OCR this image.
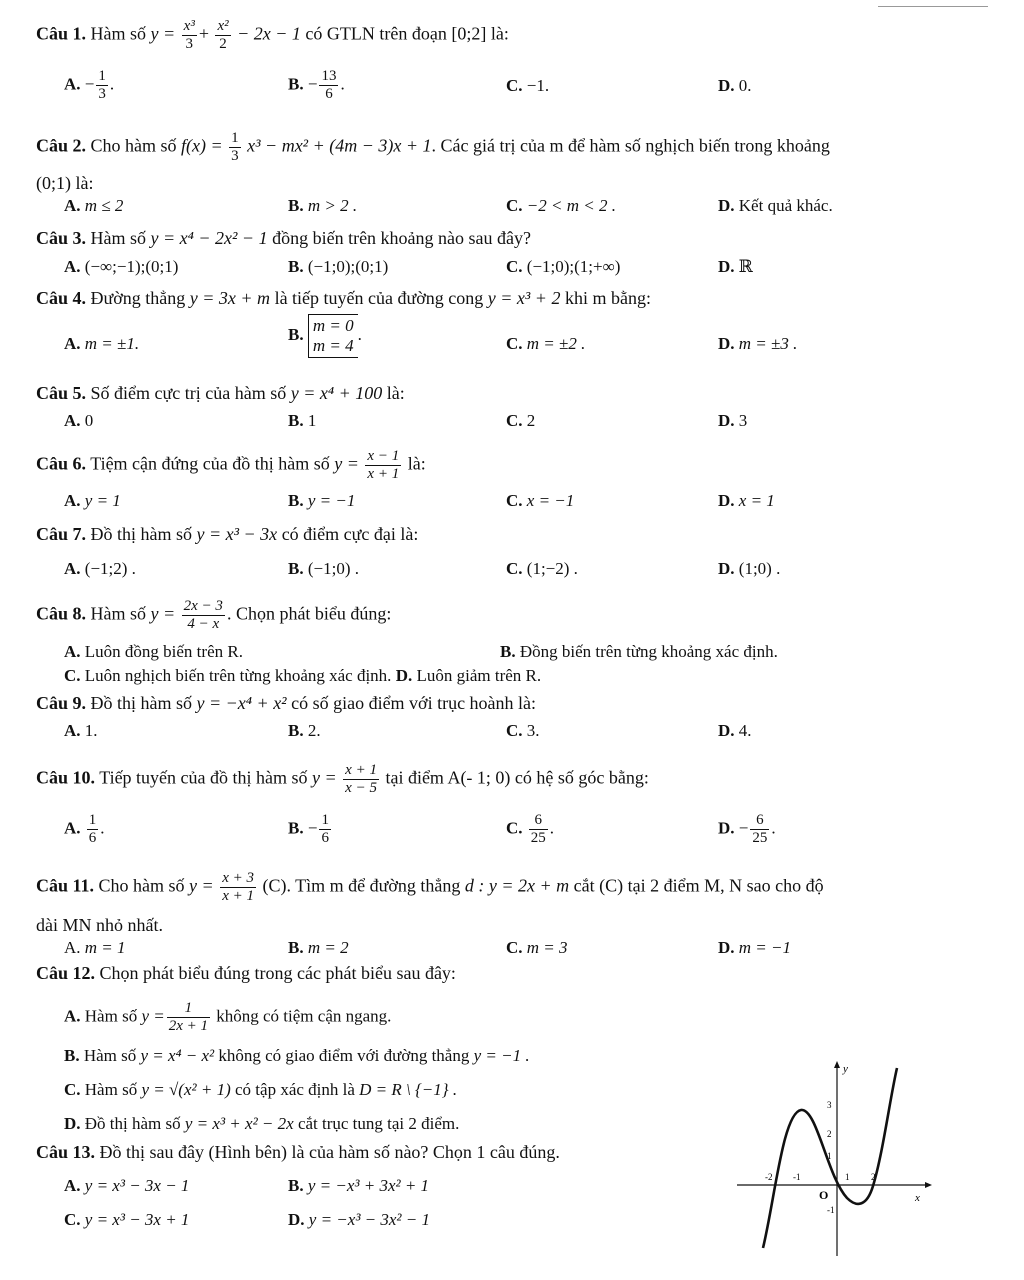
Câu 1. Hàm số $y = \frac{\text{x³}}{3} + \frac{\text{x²}}{2} - 2x - 1$ có GTLN trên đoạn [0;2] là:
A. − $\frac{1}{3}$ .	B. − $\frac{13}{6}$ .	C. −1.	D. 0.
Câu 2. Cho hàm số $f(x) = \frac{1}{3} x^3 - mx^2 + (4m - 3)x + 1$. Các giá trị của m để hàm số nghịch biến trong khoảng
(0;1) là:
A. m ≤ 2	B. m > 2 .	C. −2 < m < 2 .	D. Kết quả khác.
Câu 3. Hàm số y = x⁴ − 2x² − 1 đồng biến trên khoảng nào sau đây?
A. (−∞;−1);(0;1)	B. (−1;0);(0;1)	C. (−1;0);(1;+∞)	D. ℝ
Câu 4. Đường thẳng y = 3x + m là tiếp tuyến của đường cong y = x³ + 2 khi m bằng:
A. m = ±1.	B. m = 0
m = 4.	C. m = ±2 .	D. m = ±3 .
Câu 5. Số điểm cực trị của hàm số y = x⁴ + 100 là:
A. 0	B. 1	C. 2	D. 3
Câu 6. Tiệm cận đứng của đồ thị hàm số $y = \frac{x - 1}{x + 1}$ là:
A. y = 1	B. y = −1	C. x = −1	D. x = 1
Câu 7. Đồ thị hàm số y = x³ − 3x có điểm cực đại là:
A. (−1;2) .	B. (−1;0) .	C. (1;−2) .	D. (1;0) .
Câu 8. Hàm số $y = \frac{2x - 3}{4 - x}$ . Chọn phát biểu đúng:
A. Luôn đồng biến trên R.	B. Đồng biến trên từng khoảng xác định.
C. Luôn nghịch biến trên từng khoảng xác định. D. Luôn giảm trên R.
Câu 9. Đồ thị hàm số y = −x⁴ + x² có số giao điểm với trục hoành là:
A. 1.	B. 2.	C. 3.	D. 4.
Câu 10. Tiếp tuyến của đồ thị hàm số $y = \frac{x + 1}{x - 5}$ tại điểm A(- 1; 0) có hệ số góc bằng:
A. $\frac{1}{6}$ .	B. − $\frac{1}{6}$	C. $\frac{6}{25}$ .	D. − $\frac{6}{25}$ .
Câu 11. Cho hàm số $y = \frac{x + 3}{x + 1} (C)$. Tìm m để đường thẳng d : y = 2x + m cắt (C) tại 2 điểm M, N sao cho độ
dài MN nhỏ nhất.
A. m = 1	B. m = 2	C. m = 3	D. m = −1
Câu 12. Chọn phát biểu đúng trong các phát biểu sau đây:
A. Hàm số $y = \frac{1}{2x + 1}$ không có tiệm cận ngang.
B. Hàm số y = x⁴ − x² không có giao điểm với đường thẳng y = −1 .
C. Hàm số y = √(x² + 1) có tập xác định là D = R \ {−1} .
D. Đồ thị hàm số y = x³ + x² − 2x cắt trục tung tại 2 điểm.
Câu 13. Đồ thị sau đây (Hình bên) là của hàm số nào? Chọn 1 câu đúng.
A. y = x³ − 3x − 1	B. y = −x³ + 3x² + 1
C. y = x³ − 3x + 1	D. y = −x³ − 3x² − 1
y
x
O
-2 -1	1 2
3
2
1
-1
